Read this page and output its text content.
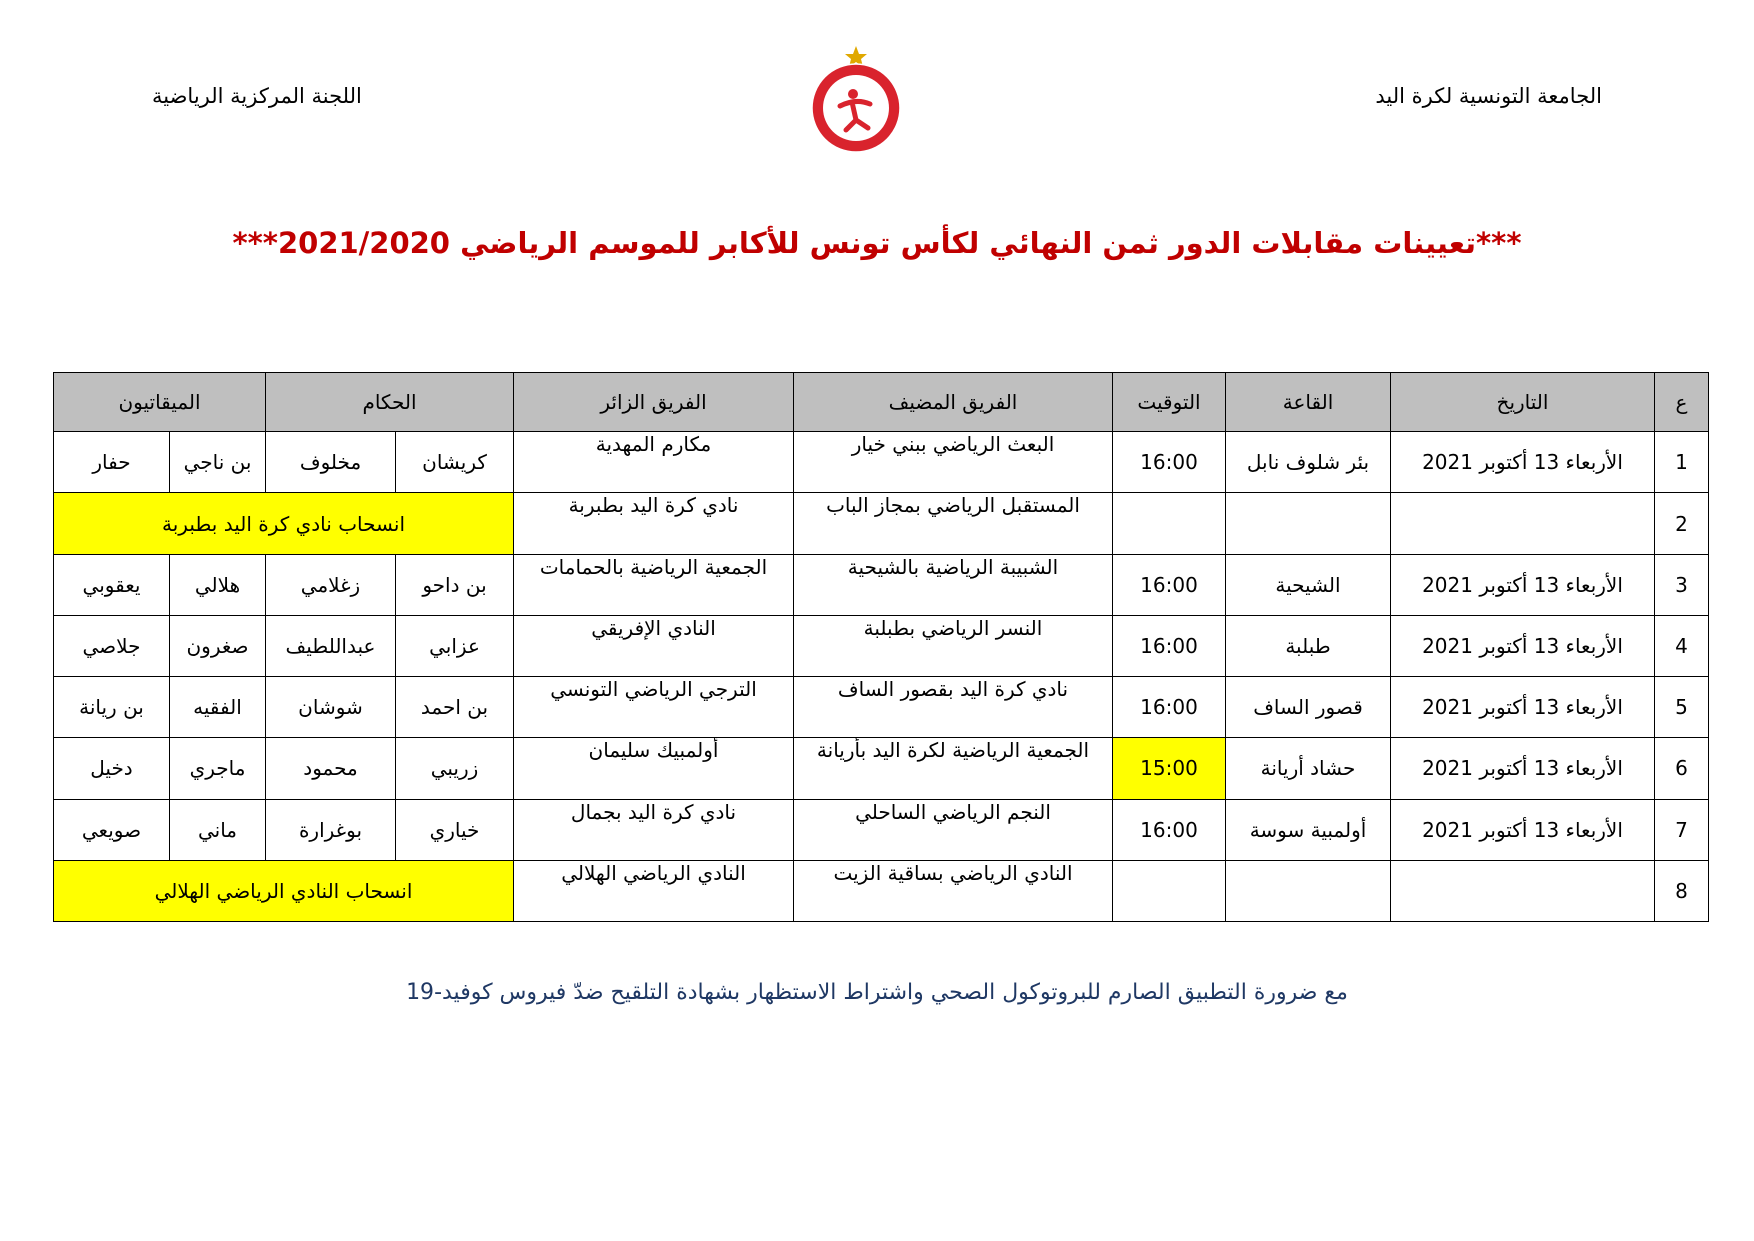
الجامعة التونسية لكرة اليد
اللجنة المركزية الرياضية
***تعيينات مقابلات الدور ثمن النهائي لكأس تونس للأكابر للموسم الرياضي 2021/2020***
ع	التاريخ	القاعة	التوقيت	الفريق المضيف	الفريق الزائر	الحكام		الميقاتيون	
1	الأربعاء 13 أكتوبر 2021	بئر شلوف نابل	16:00	البعث الرياضي ببني خيار	مكارم المهدية	كريشان	مخلوف	بن ناجي	حفار
2				المستقبل الرياضي بمجاز الباب	نادي كرة اليد بطبربة	انسحاب نادي كرة اليد بطبربة			
3	الأربعاء 13 أكتوبر 2021	الشيحية	16:00	الشبيبة الرياضية بالشيحية	الجمعية الرياضية بالحمامات	بن داحو	زغلامي	هلالي	يعقوبي
4	الأربعاء 13 أكتوبر 2021	طبلبة	16:00	النسر الرياضي بطبلبة	النادي الإفريقي	عزابي	عبداللطيف	صغرون	جلاصي
5	الأربعاء 13 أكتوبر 2021	قصور الساف	16:00	نادي كرة اليد بقصور الساف	الترجي الرياضي التونسي	بن احمد	شوشان	الفقيه	بن ريانة
6	الأربعاء 13 أكتوبر 2021	حشاد أريانة	15:00	الجمعية الرياضية لكرة اليد بأريانة	أولمبيك سليمان	زريبي	محمود	ماجري	دخيل
7	الأربعاء 13 أكتوبر 2021	أولمبية سوسة	16:00	النجم الرياضي الساحلي	نادي كرة اليد بجمال	خياري	بوغرارة	ماني	صويعي
8				النادي الرياضي بساقية الزيت	النادي الرياضي الهلالي	انسحاب النادي الرياضي الهلالي			
مع ضرورة التطبيق الصارم للبروتوكول الصحي واشتراط الاستظهار بشهادة التلقيح ضدّ فيروس كوفيد-19
